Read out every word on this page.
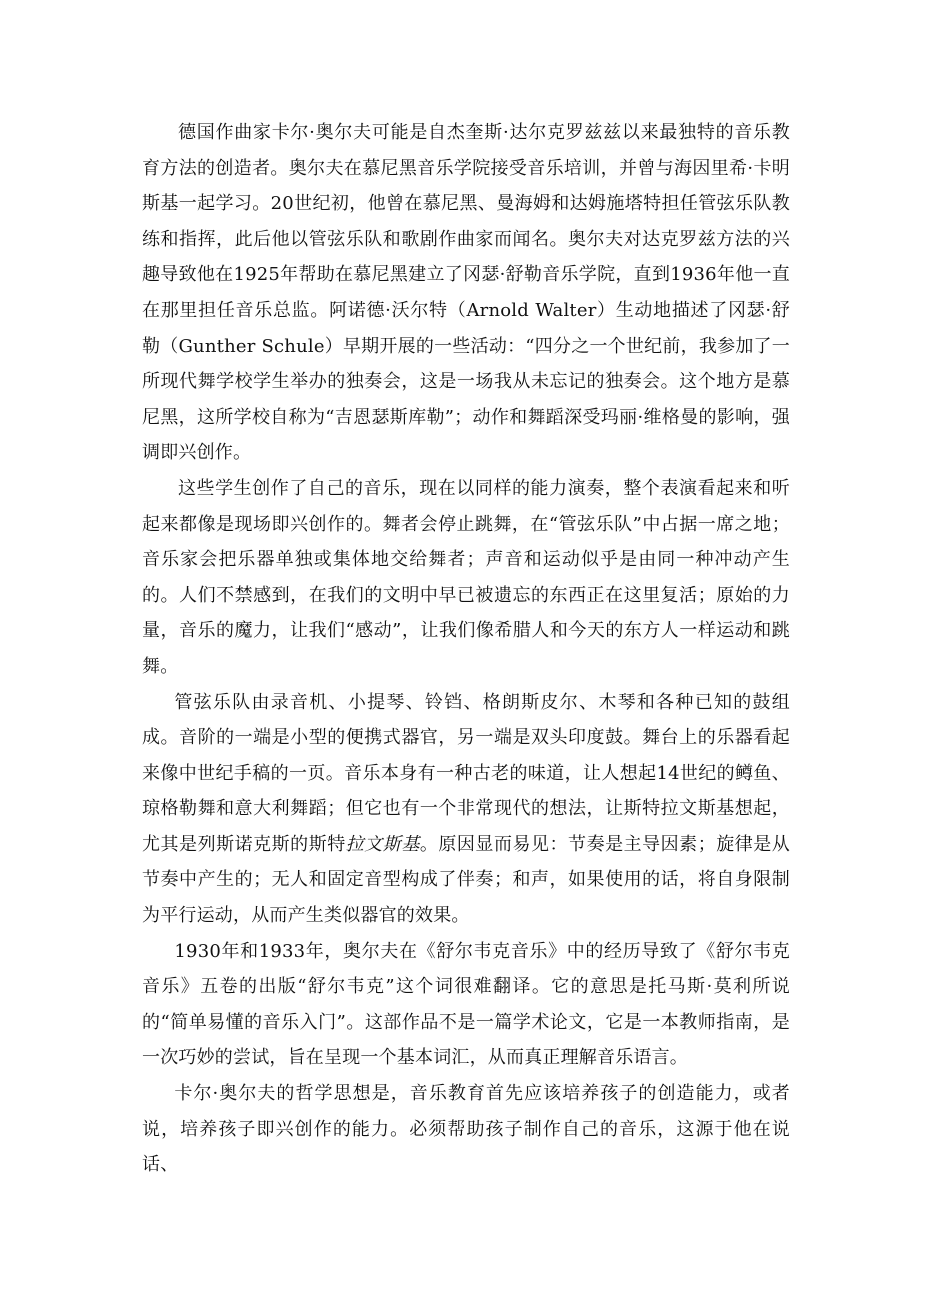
德国作曲家卡尔·奥尔夫可能是自杰奎斯·达尔克罗兹兹以来最独特的音乐教育方法的创造者。奥尔夫在慕尼黑音乐学院接受音乐培训，并曾与海因里希·卡明斯基一起学习。20世纪初，他曾在慕尼黑、曼海姆和达姆施塔特担任管弦乐队教练和指挥，此后他以管弦乐队和歌剧作曲家而闻名。奥尔夫对达克罗兹方法的兴趣导致他在1925年帮助在慕尼黑建立了冈瑟·舒勒音乐学院，直到1936年他一直在那里担任音乐总监。阿诺德·沃尔特（Arnold Walter）生动地描述了冈瑟·舒勒（Gunther Schule）早期开展的一些活动：“四分之一个世纪前，我参加了一所现代舞学校学生举办的独奏会，这是一场我从未忘记的独奏会。这个地方是慕尼黑，这所学校自称为“吉恩瑟斯库勒”；动作和舞蹈深受玛丽·维格曼的影响，强调即兴创作。

这些学生创作了自己的音乐，现在以同样的能力演奏，整个表演看起来和听起来都像是现场即兴创作的。舞者会停止跳舞，在“管弦乐队”中占据一席之地；音乐家会把乐器单独或集体地交给舞者；声音和运动似乎是由同一种冲动产生的。人们不禁感到，在我们的文明中早已被遗忘的东西正在这里复活；原始的力量，音乐的魔力，让我们“感动”，让我们像希腊人和今天的东方人一样运动和跳舞。

管弦乐队由录音机、小提琴、铃铛、格朗斯皮尔、木琴和各种已知的鼓组成。音阶的一端是小型的便携式器官，另一端是双头印度鼓。舞台上的乐器看起来像中世纪手稿的一页。音乐本身有一种古老的味道，让人想起14世纪的鳟鱼、琼格勒舞和意大利舞蹈；但它也有一个非常现代的想法，让斯特拉文斯基想起，尤其是列斯诺克斯的斯特拉文斯基。原因显而易见：节奏是主导因素；旋律是从节奏中产生的；无人和固定音型构成了伴奏；和声，如果使用的话，将自身限制为平行运动，从而产生类似器官的效果。

1930年和1933年，奥尔夫在《舒尔韦克音乐》中的经历导致了《舒尔韦克音乐》五卷的出版“舒尔韦克”这个词很难翻译。它的意思是托马斯·莫利所说的“简单易懂的音乐入门”。这部作品不是一篇学术论文，它是一本教师指南，是一次巧妙的尝试，旨在呈现一个基本词汇，从而真正理解音乐语言。

卡尔·奥尔夫的哲学思想是，音乐教育首先应该培养孩子的创造能力，或者说，培养孩子即兴创作的能力。必须帮助孩子制作自己的音乐，这源于他在说话、
